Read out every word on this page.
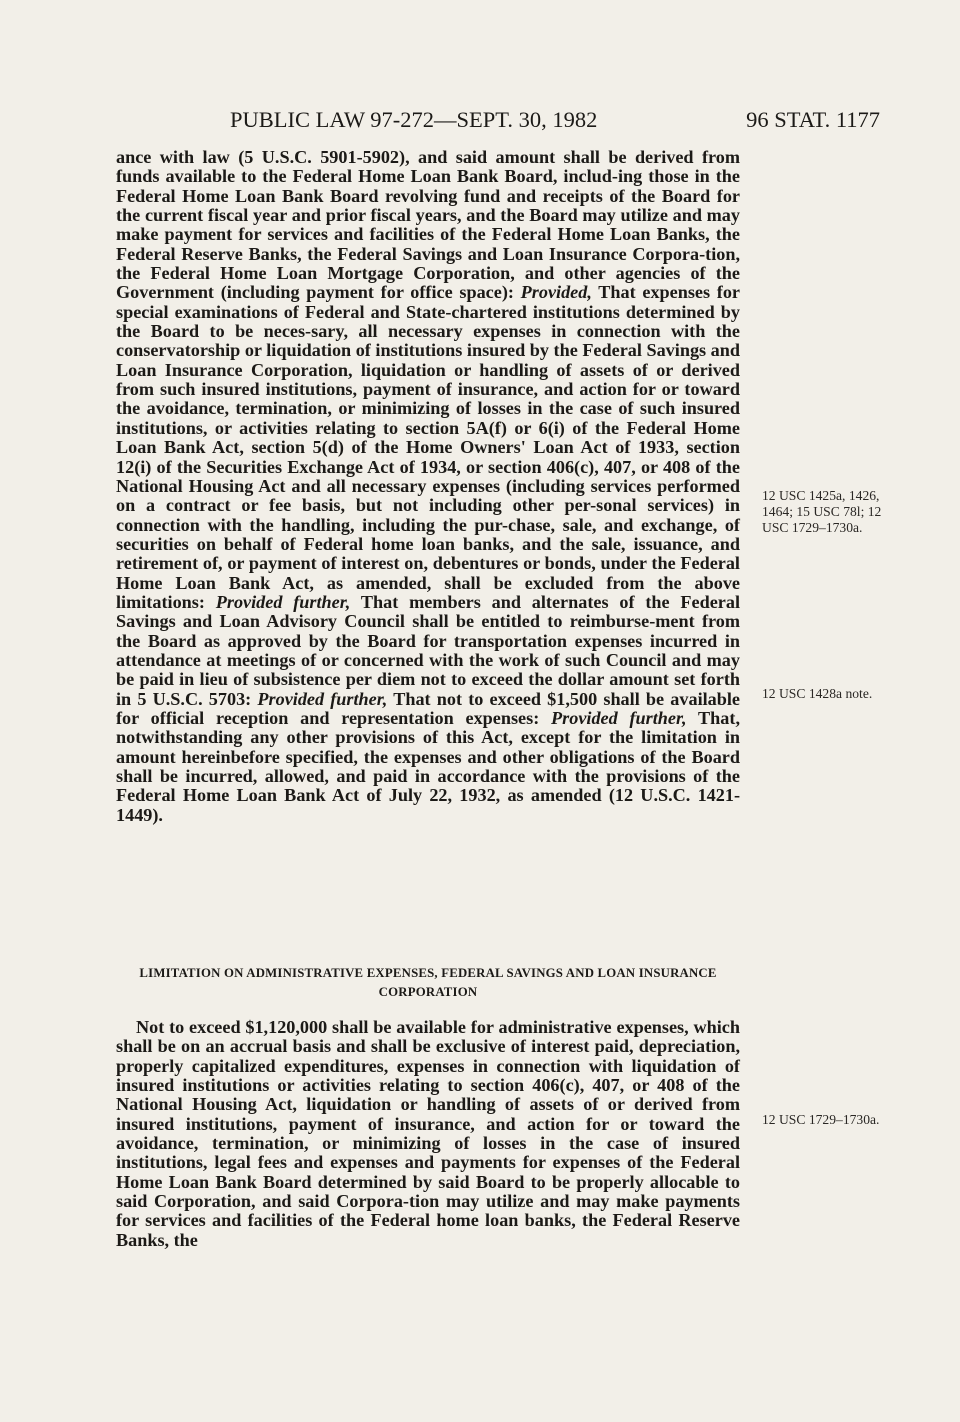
PUBLIC LAW 97-272—SEPT. 30, 1982	96 STAT. 1177

ance with law (5 U.S.C. 5901-5902), and said amount shall be derived from funds available to the Federal Home Loan Bank Board, includ-ing those in the Federal Home Loan Bank Board revolving fund and receipts of the Board for the current fiscal year and prior fiscal years, and the Board may utilize and may make payment for services and facilities of the Federal Home Loan Banks, the Federal Reserve Banks, the Federal Savings and Loan Insurance Corpora-tion, the Federal Home Loan Mortgage Corporation, and other agencies of the Government (including payment for office space): Provided, That expenses for special examinations of Federal and State-chartered institutions determined by the Board to be neces-sary, all necessary expenses in connection with the conservatorship or liquidation of institutions insured by the Federal Savings and Loan Insurance Corporation, liquidation or handling of assets of or derived from such insured institutions, payment of insurance, and action for or toward the avoidance, termination, or minimizing of losses in the case of such insured institutions, or activities relating to section 5A(f) or 6(i) of the Federal Home Loan Bank Act, section 5(d) of the Home Owners' Loan Act of 1933, section 12(i) of the Securities Exchange Act of 1934, or section 406(c), 407, or 408 of the National Housing Act and all necessary expenses (including services performed on a contract or fee basis, but not including other per-sonal services) in connection with the handling, including the pur-chase, sale, and exchange, of securities on behalf of Federal home loan banks, and the sale, issuance, and retirement of, or payment of interest on, debentures or bonds, under the Federal Home Loan Bank Act, as amended, shall be excluded from the above limitations: Provided further, That members and alternates of the Federal Savings and Loan Advisory Council shall be entitled to reimburse-ment from the Board as approved by the Board for transportation expenses incurred in attendance at meetings of or concerned with the work of such Council and may be paid in lieu of subsistence per diem not to exceed the dollar amount set forth in 5 U.S.C. 5703: Provided further, That not to exceed $1,500 shall be available for official reception and representation expenses: Provided further, That, notwithstanding any other provisions of this Act, except for the limitation in amount hereinbefore specified, the expenses and other obligations of the Board shall be incurred, allowed, and paid in accordance with the provisions of the Federal Home Loan Bank Act of July 22, 1932, as amended (12 U.S.C. 1421-1449).

LIMITATION ON ADMINISTRATIVE EXPENSES, FEDERAL SAVINGS AND LOAN INSURANCE CORPORATION

Not to exceed $1,120,000 shall be available for administrative expenses, which shall be on an accrual basis and shall be exclusive of interest paid, depreciation, properly capitalized expenditures, expenses in connection with liquidation of insured institutions or activities relating to section 406(c), 407, or 408 of the National Housing Act, liquidation or handling of assets of or derived from insured institutions, payment of insurance, and action for or toward the avoidance, termination, or minimizing of losses in the case of insured institutions, legal fees and expenses and payments for expenses of the Federal Home Loan Bank Board determined by said Board to be properly allocable to said Corporation, and said Corpora-tion may utilize and may make payments for services and facilities of the Federal home loan banks, the Federal Reserve Banks, the

12 USC 1425a, 1426, 1464; 15 USC 78l; 12 USC 1729–1730a.
12 USC 1428a note.
12 USC 1729–1730a.
